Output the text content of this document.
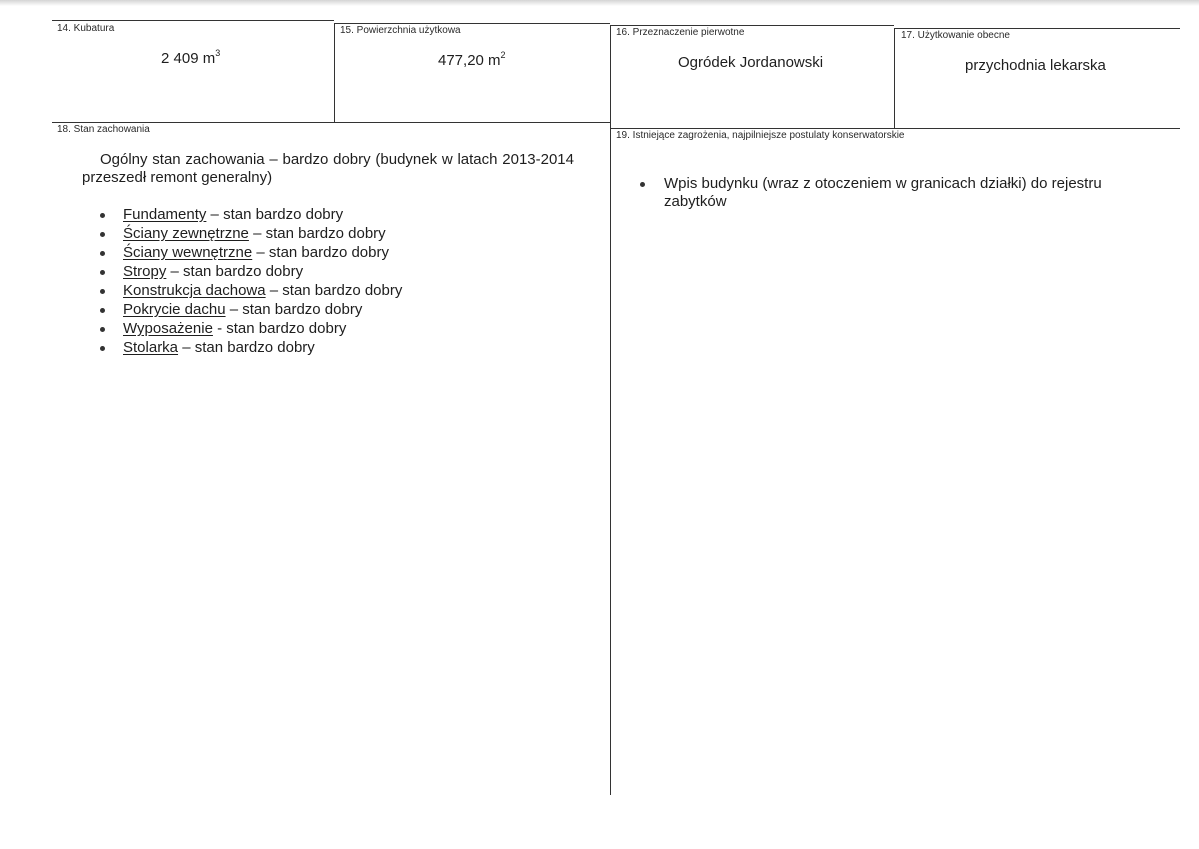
14. Kubatura
2 409 $m^3$
15. Powierzchnia użytkowa
477,20 $m^2$
16. Przeznaczenie pierwotne
Ogródek Jordanowski
17. Użytkowanie obecne
przychodnia lekarska
18. Stan zachowania

Ogólny stan zachowania – bardzo dobry (budynek w latach 2013-2014 przeszedł remont generalny)

Fundamenty – stan bardzo dobry
Ściany zewnętrzne – stan bardzo dobry
Ściany wewnętrzne – stan bardzo dobry
Stropy – stan bardzo dobry
Konstrukcja dachowa – stan bardzo dobry
Pokrycie dachu – stan bardzo dobry
Wyposażenie - stan bardzo dobry
Stolarka – stan bardzo dobry
19. Istniejące zagrożenia, najpilniejsze postulaty konserwatorskie
Wpis budynku (wraz z otoczeniem w granicach działki) do rejestru zabytków
